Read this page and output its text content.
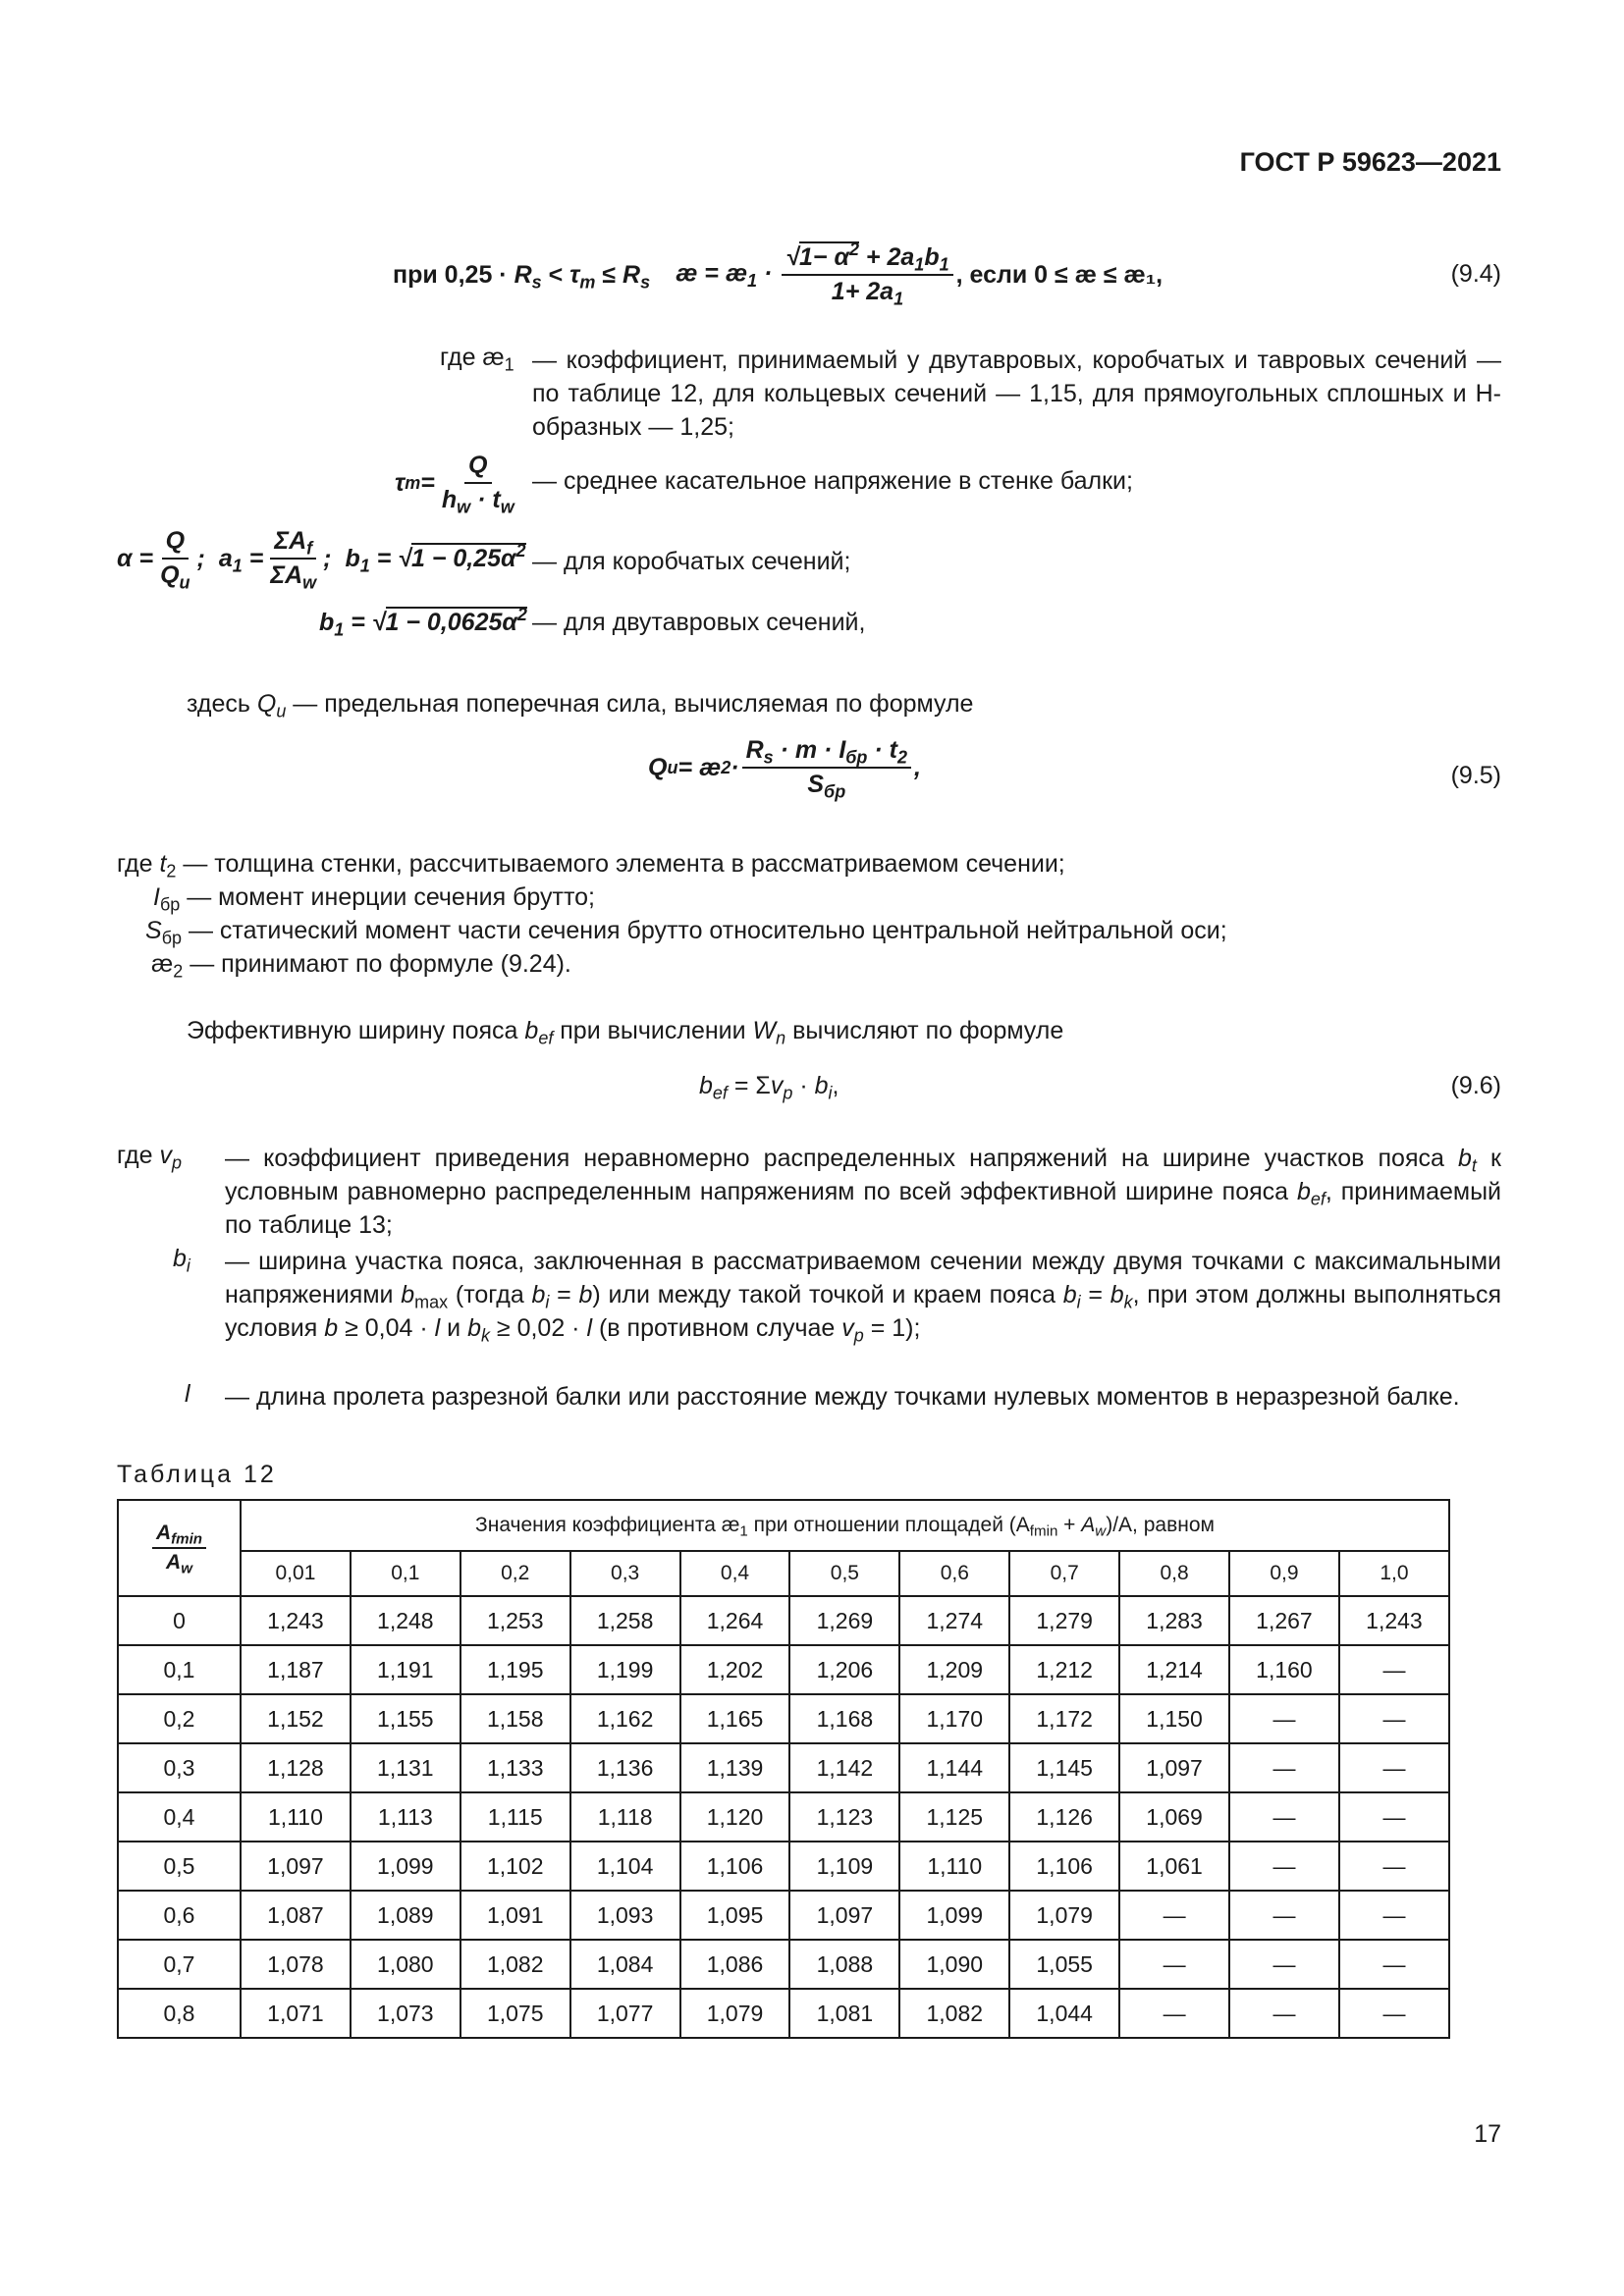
ГОСТ Р 59623—2021
при $0,25 \cdot R_s < \tau_m \le R_s$ æ = $æ_1 \cdot \frac{√1- \alpha^2 + 2a_1b_1}{1+ 2a_1}$ , если 0 ≤ æ ≤ æ₁,	(9.4)
где $æ_1$ — коэффициент, принимаемый у двутавровых, коробчатых и тавровых сечений — по таблице 12, для кольцевых сечений — 1,15, для прямоугольных сплошных и Н-образных — 1,25;
τ $m = \frac{Q}{h_w \cdot t_w}$ — среднее касательное напряжение в стенке балки;
$\alpha = \frac{Q}{Q_u}$ ; $a_1 = \frac{\Sigma A_f}{\Sigma A_w}$ ; $b_1 = √1 - 0,25\alpha^2$ — для коробчатых сечений;
$b_1 = √1 - 0,0625\alpha^2$ — для двутавровых сечений,
здесь $Q_u$ — предельная поперечная сила, вычисляемая по формуле
Q u = æ $2 \cdot \frac{R_s \cdot m \cdot I_{бр} \cdot t_2}{S_{бр}}$ ,	(9.5)
где $t_2$ — толщина стенки, рассчитываемого элемента в рассматриваемом сечении;
$I_{бр}$ — момент инерции сечения брутто;
$S_{бр}$ — статический момент части сечения брутто относительно центральной нейтральной оси;
$æ_2$ — принимают по формуле (9.24).
Эффективную ширину пояса $b_{ef}$ при вычислении $W_n$ вычисляют по формуле
$b_{ef} = \Sigma v_p \cdot b_i$,	(9.6)
где $v_p$ — коэффициент приведения неравномерно распределенных напряжений на ширине участков пояса $b_t$ к условным равномерно распределенным напряжениям по всей эффективной ширине пояса $b_{ef}$, принимаемый по таблице 13;
$b_i$ — ширина участка пояса, заключенная в рассматриваемом сечении между двумя точками с максимальными напряжениями $b_{max}$ (тогда $b_i = b$) или между такой точкой и краем пояса $b_i = b_k$, при этом должны выполняться условия b ≥ 0,04 · l и $b_k \ge 0,02 \cdot l$ (в противном случае $v_p = 1$);
l — длина пролета разрезной балки или расстояние между точками нулевых моментов в неразрезной балке.
Таблица 12
$\frac{A_{fmin}}{A_w}$	Значения коэффициента $æ_1$ при отношении площадей $(A_{fmin} + A_w)/A$, равном										
	0,01	0,1	0,2	0,3	0,4	0,5	0,6	0,7	0,8	0,9	1,0
0	1,243	1,248	1,253	1,258	1,264	1,269	1,274	1,279	1,283	1,267	1,243
0,1	1,187	1,191	1,195	1,199	1,202	1,206	1,209	1,212	1,214	1,160	—
0,2	1,152	1,155	1,158	1,162	1,165	1,168	1,170	1,172	1,150	—	—
0,3	1,128	1,131	1,133	1,136	1,139	1,142	1,144	1,145	1,097	—	—
0,4	1,110	1,113	1,115	1,118	1,120	1,123	1,125	1,126	1,069	—	—
0,5	1,097	1,099	1,102	1,104	1,106	1,109	1,110	1,106	1,061	—	—
0,6	1,087	1,089	1,091	1,093	1,095	1,097	1,099	1,079	—	—	—
0,7	1,078	1,080	1,082	1,084	1,086	1,088	1,090	1,055	—	—	—
0,8	1,071	1,073	1,075	1,077	1,079	1,081	1,082	1,044	—	—	—
17
